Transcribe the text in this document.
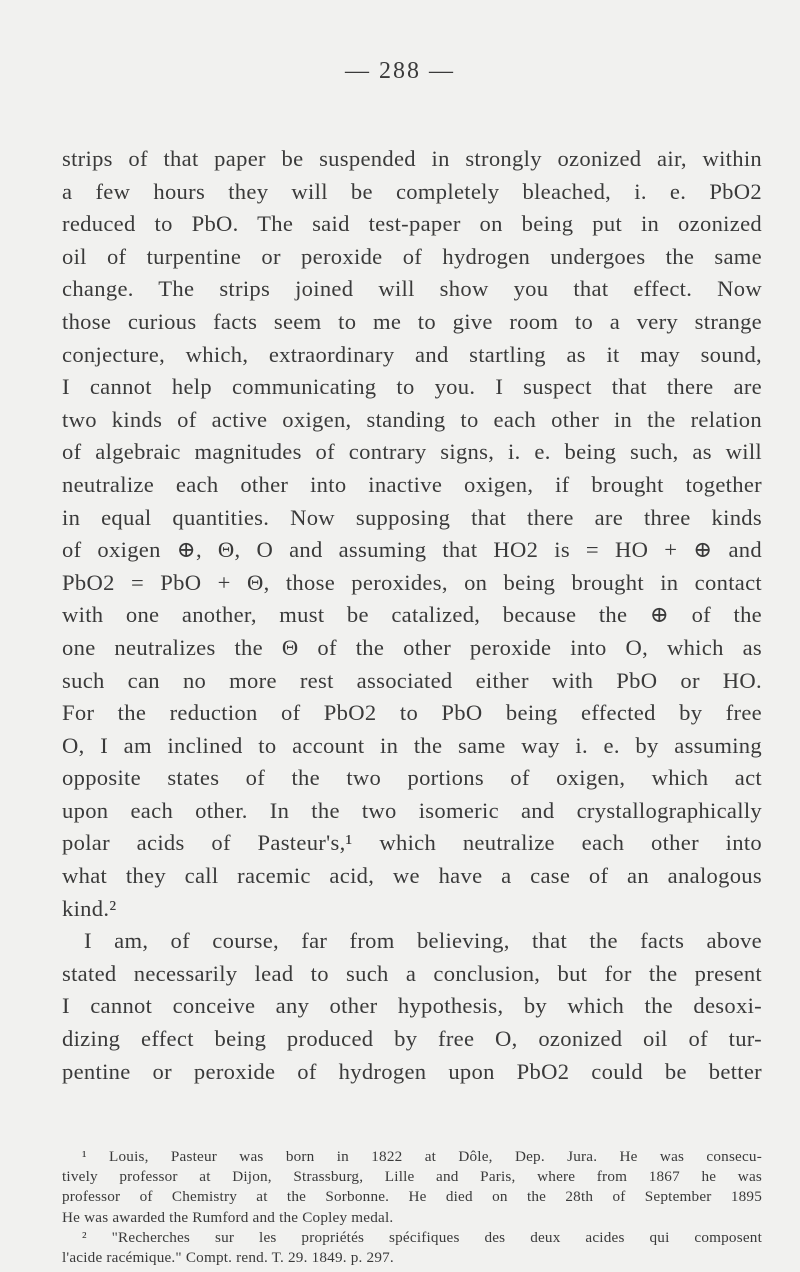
— 288 —
strips of that paper be suspended in strongly ozonized air, within
a few hours they will be completely bleached, i. e. PbO2
reduced to PbO. The said test-paper on being put in ozonized
oil of turpentine or peroxide of hydrogen undergoes the same
change. The strips joined will show you that effect. Now
those curious facts seem to me to give room to a very strange
conjecture, which, extraordinary and startling as it may sound,
I cannot help communicating to you. I suspect that there are
two kinds of active oxigen, standing to each other in the relation
of algebraic magnitudes of contrary signs, i. e. being such, as will
neutralize each other into inactive oxigen, if brought together
in equal quantities. Now supposing that there are three kinds
of oxigen ⊕, Θ, O and assuming that HO2 is = HO + ⊕ and
PbO2 = PbO + Θ, those peroxides, on being brought in contact
with one another, must be catalized, because the ⊕ of the
one neutralizes the Θ of the other peroxide into O, which as
such can no more rest associated either with PbO or HO.
For the reduction of PbO2 to PbO being effected by free
O, I am inclined to account in the same way i. e. by assuming
opposite states of the two portions of oxigen, which act
upon each other. In the two isomeric and crystallographically
polar acids of Pasteur's,¹ which neutralize each other into
what they call racemic acid, we have a case of an analogous
kind.²
I am, of course, far from believing, that the facts above
stated necessarily lead to such a conclusion, but for the present
I cannot conceive any other hypothesis, by which the desoxi-
dizing effect being produced by free O, ozonized oil of tur-
pentine or peroxide of hydrogen upon PbO2 could be better
¹ Louis, Pasteur was born in 1822 at Dôle, Dep. Jura. He was consecu-
tively professor at Dijon, Strassburg, Lille and Paris, where from 1867 he was
professor of Chemistry at the Sorbonne. He died on the 28th of September 1895
He was awarded the Rumford and the Copley medal.
² "Recherches sur les propriétés spécifiques des deux acides qui composent
l'acide racémique." Compt. rend. T. 29. 1849. p. 297.
